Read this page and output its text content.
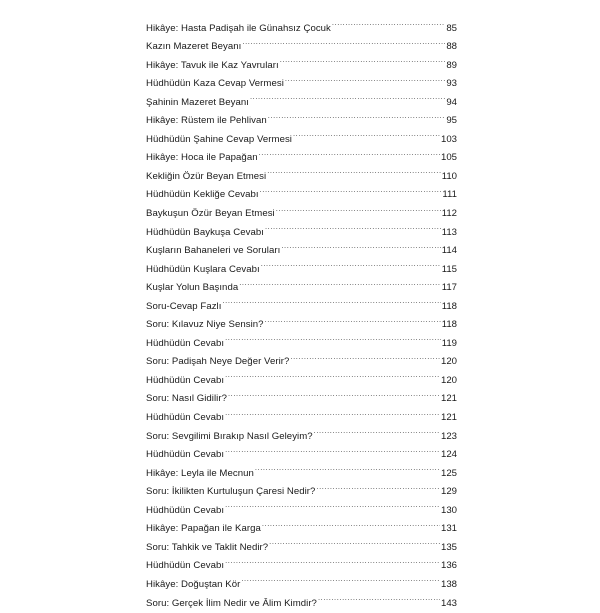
Hikâye: Hasta Padişah ile Günahsız Çocuk .....	85
Kazın Mazeret Beyanı .....	88
Hikâye: Tavuk ile Kaz Yavruları .....	89
Hüdhüdün Kaza Cevap Vermesi .....	93
Şahinin Mazeret Beyanı .....	94
Hikâye: Rüstem ile Pehlivan .....	95
Hüdhüdün Şahine Cevap Vermesi .....	103
Hikâye: Hoca ile Papağan .....	105
Kekliğin Özür Beyan Etmesi .....	110
Hüdhüdün Kekliğe Cevabı .....	111
Baykuşun Özür Beyan Etmesi .....	112
Hüdhüdün Baykuşa Cevabı .....	113
Kuşların Bahaneleri ve Soruları .....	114
Hüdhüdün Kuşlara Cevabı .....	115
Kuşlar Yolun Başında .....	117
Soru-Cevap Fazlı .....	118
Soru: Kılavuz Niye Sensin? .....	118
Hüdhüdün Cevabı .....	119
Soru: Padişah Neye Değer Verir? .....	120
Hüdhüdün Cevabı .....	120
Soru: Nasıl Gidilir? .....	121
Hüdhüdün Cevabı .....	121
Soru: Sevgilimi Bırakıp Nasıl Geleyim? .....	123
Hüdhüdün Cevabı .....	124
Hikâye: Leyla ile Mecnun .....	125
Soru: İkilikten Kurtuluşun Çaresi Nedir? .....	129
Hüdhüdün Cevabı .....	130
Hikâye: Papağan ile Karga .....	131
Soru: Tahkik ve Taklit Nedir? .....	135
Hüdhüdün Cevabı .....	136
Hikâye: Doğuştan Kör .....	138
Soru: Gerçek İlim Nedir ve Âlim Kimdir? .....	143
